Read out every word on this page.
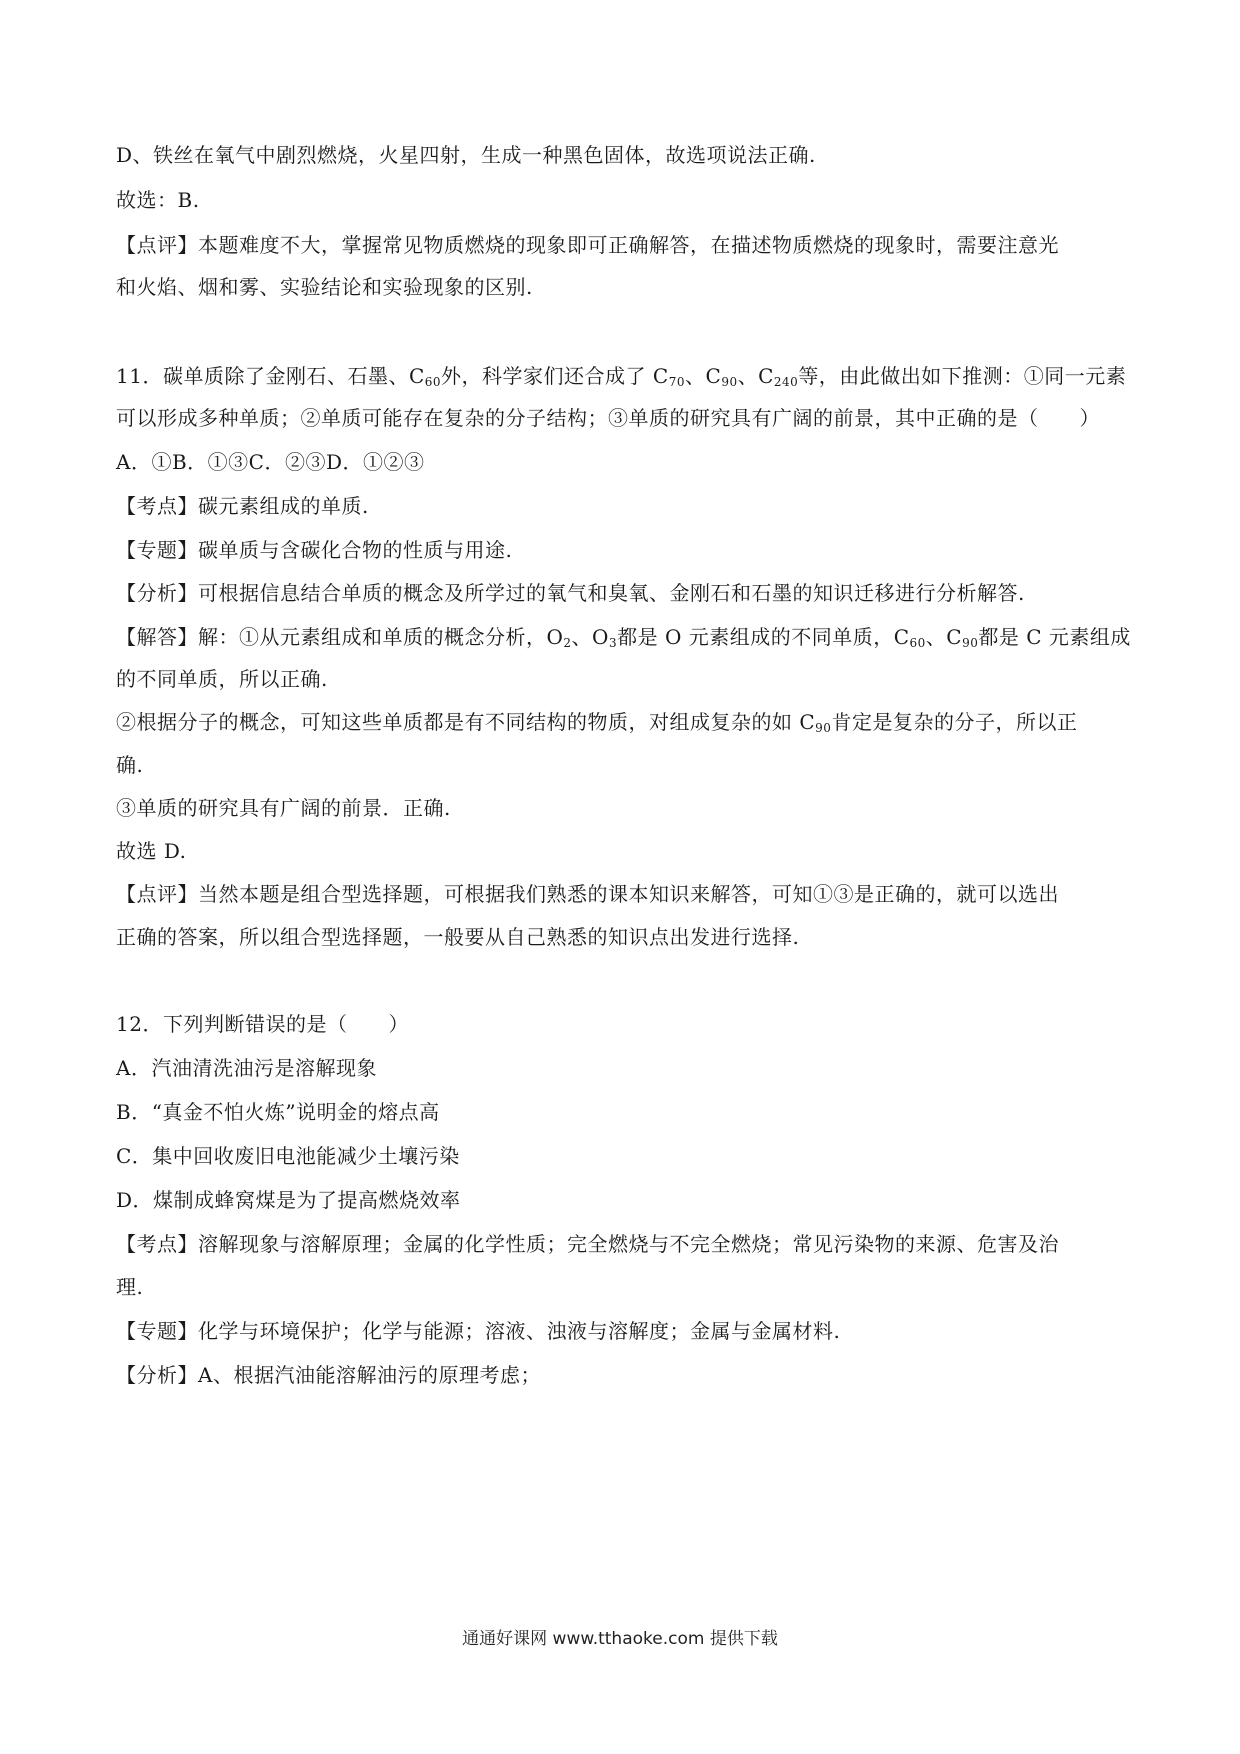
D、铁丝在氧气中剧烈燃烧，火星四射，生成一种黑色固体，故选项说法正确.
故选：B.
【点评】本题难度不大，掌握常见物质燃烧的现象即可正确解答，在描述物质燃烧的现象时，需要注意光
和火焰、烟和雾、实验结论和实验现象的区别.
11．碳单质除了金刚石、石墨、$C_{60}$外，科学家们还合成了 $C_{70}$、$C_{90}$、$C_{240}$等，由此做出如下推测：①同一元素
可以形成多种单质；②单质可能存在复杂的分子结构；③单质的研究具有广阔的前景，其中正确的是（　　）
A．①B．①③C．②③D．①②③
【考点】碳元素组成的单质.
【专题】碳单质与含碳化合物的性质与用途.
【分析】可根据信息结合单质的概念及所学过的氧气和臭氧、金刚石和石墨的知识迁移进行分析解答.
【解答】解：①从元素组成和单质的概念分析，$O_2$、$O_3$都是 O 元素组成的不同单质，$C_{60}$、$C_{90}$都是 C 元素组成
的不同单质，所以正确.
②根据分子的概念，可知这些单质都是有不同结构的物质，对组成复杂的如 $C_{90}$肯定是复杂的分子，所以正
确.
③单质的研究具有广阔的前景．正确.
故选 D.
【点评】当然本题是组合型选择题，可根据我们熟悉的课本知识来解答，可知①③是正确的，就可以选出
正确的答案，所以组合型选择题，一般要从自己熟悉的知识点出发进行选择.
12．下列判断错误的是（　　）
A．汽油清洗油污是溶解现象
B．“真金不怕火炼”说明金的熔点高
C．集中回收废旧电池能减少土壤污染
D．煤制成蜂窝煤是为了提高燃烧效率
【考点】溶解现象与溶解原理；金属的化学性质；完全燃烧与不完全燃烧；常见污染物的来源、危害及治
理.
【专题】化学与环境保护；化学与能源；溶液、浊液与溶解度；金属与金属材料.
【分析】A、根据汽油能溶解油污的原理考虑；
通通好课网 www.tthaoke.com 提供下载
